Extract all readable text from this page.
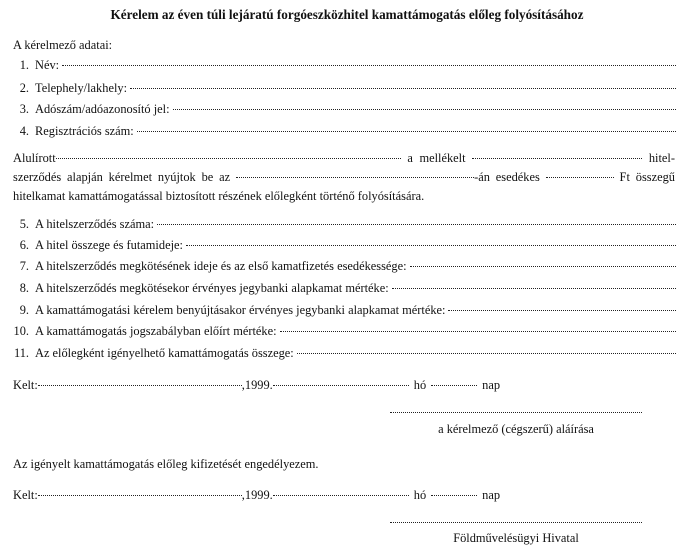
Kérelem az éven túli lejáratú forgóeszközhitel kamattámogatás előleg folyósításához
A kérelmező adatai:
1. Név:
2. Telephely/lakhely:
3. Adószám/adóazonosító jel:
4. Regisztrációs szám:
Alulírott	a mellékelt	hitel-
szerződés alapján kérelmet nyújtok be az	-án esedékes	Ft összegű
hitelkamat kamattámogatással biztosított részének előlegként történő folyósítására.
5. A hitelszerződés száma:
6. A hitel összege és futamideje:
7. A hitelszerződés megkötésének ideje és az első kamatfizetés esedékessége:
8. A hitelszerződés megkötésekor érvényes jegybanki alapkamat mértéke:
9. A kamattámogatási kérelem benyújtásakor érvényes jegybanki alapkamat mértéke:
10. A kamattámogatás jogszabályban előírt mértéke:
11. Az előlegként igényelhető kamattámogatás összege:
Kelt:	,1999.	hó	nap
a kérelmező (cégszerű) aláírása
Az igényelt kamattámogatás előleg kifizetését engedélyezem.
Kelt:	,1999.	hó	nap
Földművelésügyi Hivatal
